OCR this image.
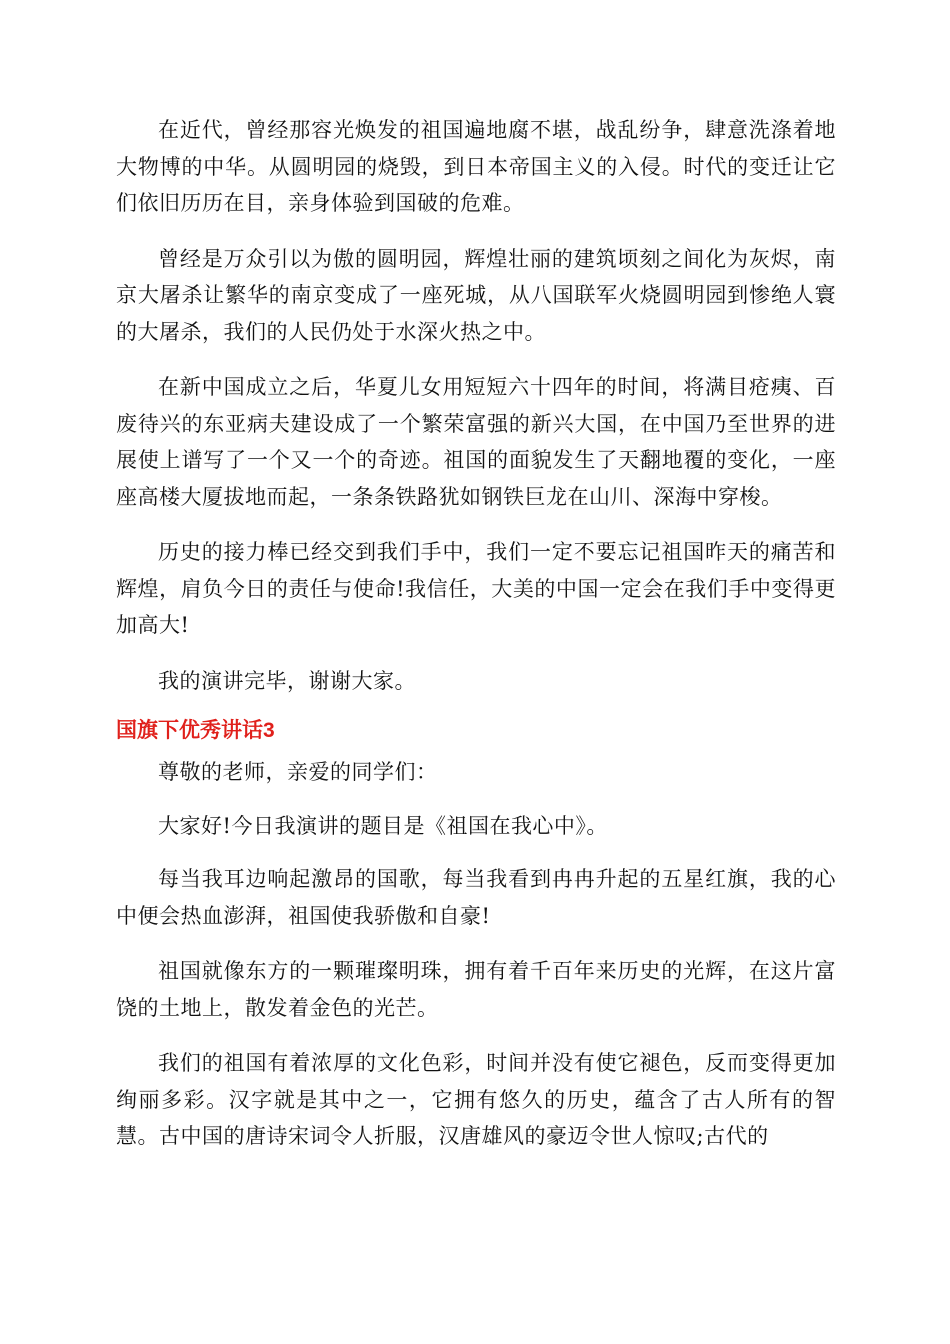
在近代，曾经那容光焕发的祖国遍地腐不堪，战乱纷争，肆意洗涤着地大物博的中华。从圆明园的烧毁，到日本帝国主义的入侵。时代的变迁让它们依旧历历在目，亲身体验到国破的危难。

曾经是万众引以为傲的圆明园，辉煌壮丽的建筑顷刻之间化为灰烬，南京大屠杀让繁华的南京变成了一座死城，从八国联军火烧圆明园到惨绝人寰的大屠杀，我们的人民仍处于水深火热之中。

在新中国成立之后，华夏儿女用短短六十四年的时间，将满目疮痍、百废待兴的东亚病夫建设成了一个繁荣富强的新兴大国，在中国乃至世界的进展使上谱写了一个又一个的奇迹。祖国的面貌发生了天翻地覆的变化，一座座高楼大厦拔地而起，一条条铁路犹如钢铁巨龙在山川、深海中穿梭。

历史的接力棒已经交到我们手中，我们一定不要忘记祖国昨天的痛苦和辉煌，肩负今日的责任与使命!我信任，大美的中国一定会在我们手中变得更加高大!

我的演讲完毕，谢谢大家。

国旗下优秀讲话3

尊敬的老师，亲爱的同学们：

大家好!今日我演讲的题目是《祖国在我心中》。

每当我耳边响起激昂的国歌，每当我看到冉冉升起的五星红旗，我的心中便会热血澎湃，祖国使我骄傲和自豪!

祖国就像东方的一颗璀璨明珠，拥有着千百年来历史的光辉，在这片富饶的土地上，散发着金色的光芒。

我们的祖国有着浓厚的文化色彩，时间并没有使它褪色，反而变得更加绚丽多彩。汉字就是其中之一，它拥有悠久的历史，蕴含了古人所有的智慧。古中国的唐诗宋词令人折服，汉唐雄风的豪迈令世人惊叹;古代的
